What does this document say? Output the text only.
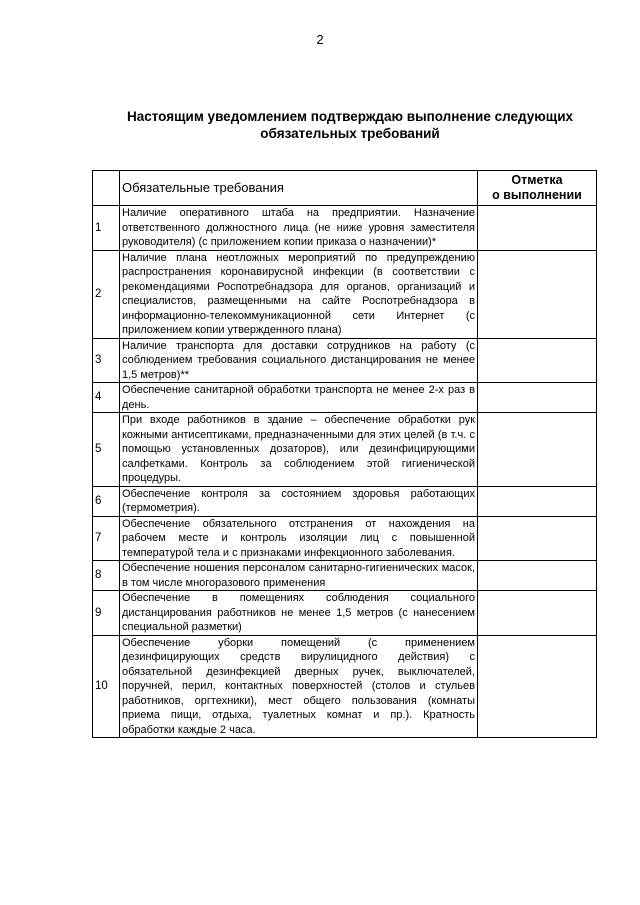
2
Настоящим уведомлением подтверждаю выполнение следующих
обязательных требований
	Обязательные требования	Отметка
о выполнении

1	Наличие оперативного штаба на предприятии. Назначение ответственного должностного лица (не ниже уровня заместителя руководителя) (с приложением копии приказа о назначении)*	
2	Наличие плана неотложных мероприятий по предупреждению распространения коронавирусной инфекции (в соответствии с рекомендациями Роспотребнадзора для органов, организаций и специалистов, размещенными на сайте Роспотребнадзора в информационно-телекоммуникационной сети Интернет (с приложением копии утвержденного плана)	
3	Наличие транспорта для доставки сотрудников на работу (с соблюдением требования социального дистанцирования не менее 1,5 метров)**	
4	Обеспечение санитарной обработки транспорта не менее 2-х раз в день.	
5	При входе работников в здание – обеспечение обработки рук кожными антисептиками, предназначенными для этих целей (в т.ч. с помощью установленных дозаторов), или дезинфицирующими салфетками. Контроль за соблюдением этой гигиенической процедуры.	
6	Обеспечение контроля за состоянием здоровья работающих (термометрия).	
7	Обеспечение обязательного отстранения от нахождения на рабочем месте и контроль изоляции лиц с повышенной температурой тела и с признаками инфекционного заболевания.	
8	Обеспечение ношения персоналом санитарно-гигиенических масок, в том числе многоразового применения	
9	Обеспечение в помещениях соблюдения социального дистанцирования работников не менее 1,5 метров (с нанесением специальной разметки)	
10	Обеспечение уборки помещений (с применением дезинфицирующих средств вирулицидного действия) с обязательной дезинфекцией дверных ручек, выключателей, поручней, перил, контактных поверхностей (столов и стульев работников, оргтехники), мест общего пользования (комнаты приема пищи, отдыха, туалетных комнат и пр.). Кратность обработки каждые 2 часа.	
